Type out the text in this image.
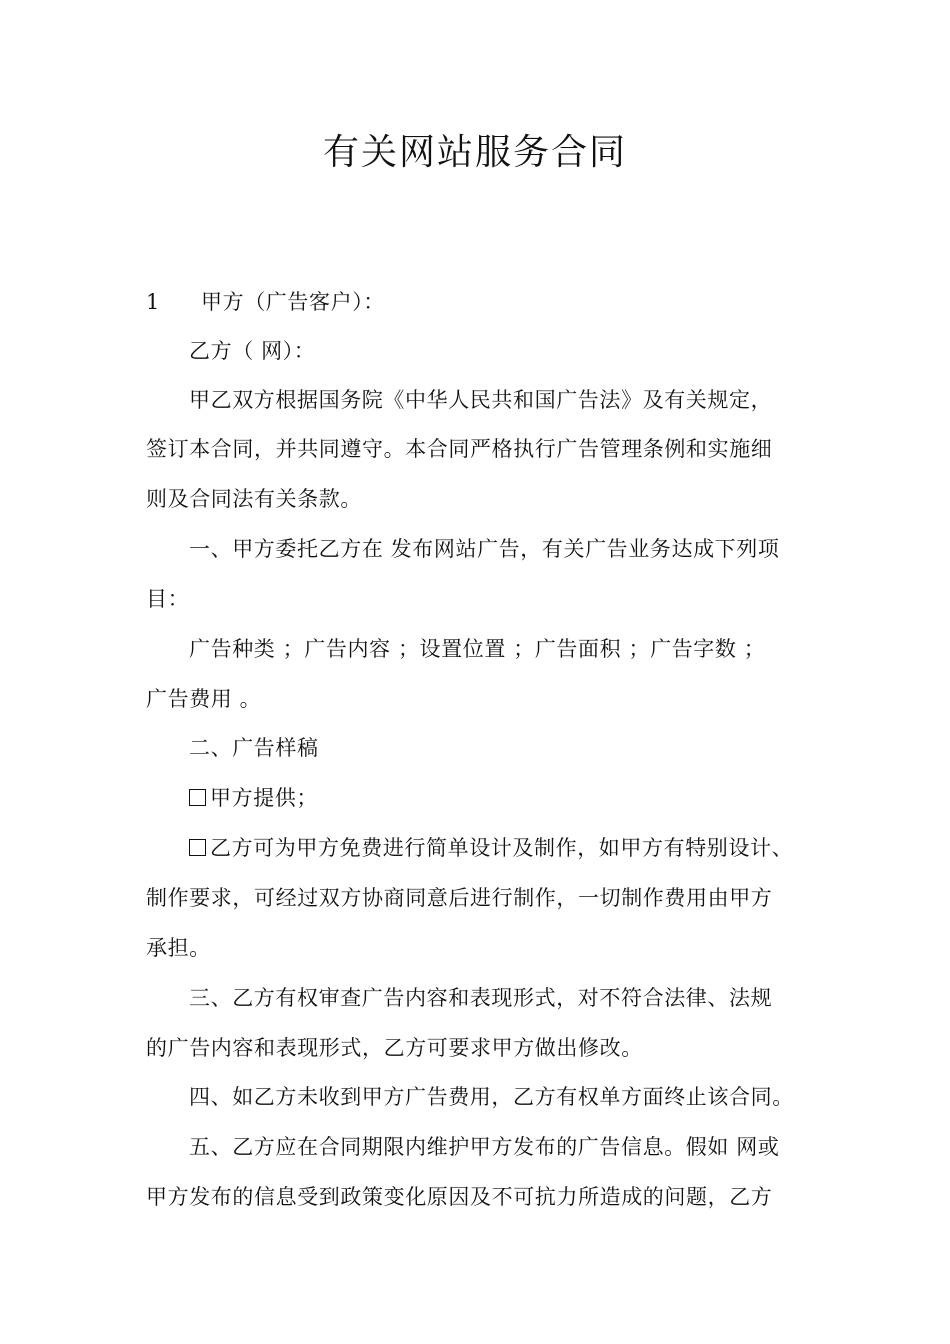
有关网站服务合同
1 甲方（广告客户）：
乙方（ 网）：
甲乙双方根据国务院《中华人民共和国广告法》及有关规定，
签订本合同，并共同遵守。本合同严格执行广告管理条例和实施细
则及合同法有关条款。
一、甲方委托乙方在 发布网站广告，有关广告业务达成下列项
目：
广告种类 ；广告内容 ；设置位置 ；广告面积 ；广告字数 ；
广告费用 。
二、广告样稿
甲方提供；
乙方可为甲方免费进行简单设计及制作，如甲方有特别设计、
制作要求，可经过双方协商同意后进行制作，一切制作费用由甲方
承担。
三、乙方有权审查广告内容和表现形式，对不符合法律、法规
的广告内容和表现形式，乙方可要求甲方做出修改。
四、如乙方未收到甲方广告费用，乙方有权单方面终止该合同。
五、乙方应在合同期限内维护甲方发布的广告信息。假如 网或
甲方发布的信息受到政策变化原因及不可抗力所造成的问题，乙方
